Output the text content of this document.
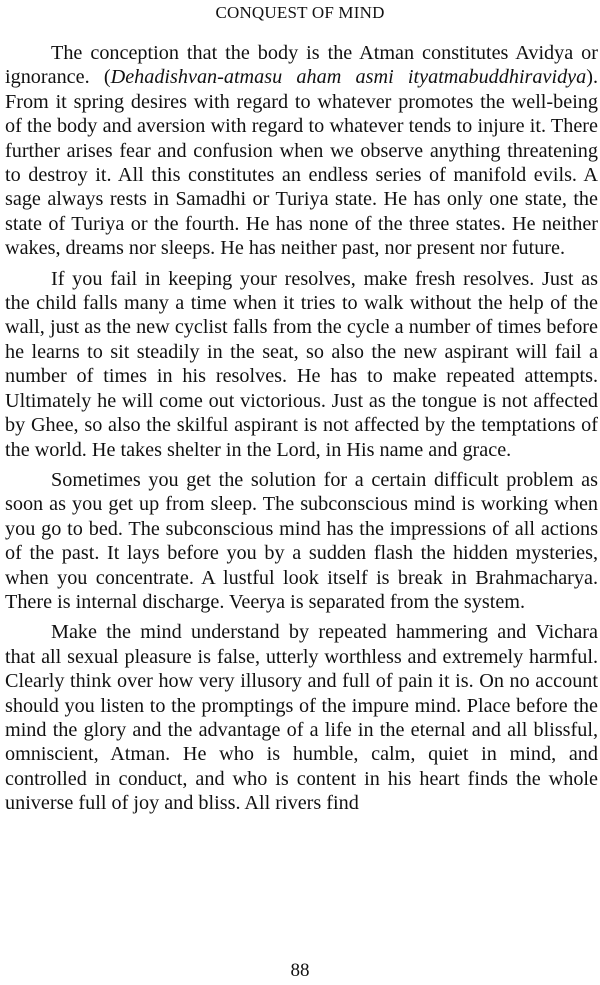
CONQUEST OF MIND

The conception that the body is the Atman constitutes Avidya or ignorance. (Dehadishvan-atmasu aham asmi ityatmabuddhiravidya). From it spring desires with regard to whatever promotes the well-being of the body and aversion with regard to whatever tends to injure it. There further arises fear and confusion when we observe anything threatening to destroy it. All this constitutes an endless series of manifold evils. A sage always rests in Samadhi or Turiya state. He has only one state, the state of Turiya or the fourth. He has none of the three states. He neither wakes, dreams nor sleeps. He has neither past, nor present nor future.

If you fail in keeping your resolves, make fresh resolves. Just as the child falls many a time when it tries to walk without the help of the wall, just as the new cyclist falls from the cycle a number of times before he learns to sit steadily in the seat, so also the new aspirant will fail a number of times in his resolves. He has to make repeated attempts. Ultimately he will come out victorious. Just as the tongue is not affected by Ghee, so also the skilful aspirant is not affected by the temptations of the world. He takes shelter in the Lord, in His name and grace.

Sometimes you get the solution for a certain difficult problem as soon as you get up from sleep. The subconscious mind is working when you go to bed. The subconscious mind has the impressions of all actions of the past. It lays before you by a sudden flash the hidden mysteries, when you concentrate. A lustful look itself is break in Brahmacharya. There is internal discharge. Veerya is separated from the system.

Make the mind understand by repeated hammering and Vichara that all sexual pleasure is false, utterly worthless and extremely harmful. Clearly think over how very illusory and full of pain it is. On no account should you listen to the promptings of the impure mind. Place before the mind the glory and the advantage of a life in the eternal and all blissful, omniscient, Atman. He who is humble, calm, quiet in mind, and controlled in conduct, and who is content in his heart finds the whole universe full of joy and bliss. All rivers find

88
